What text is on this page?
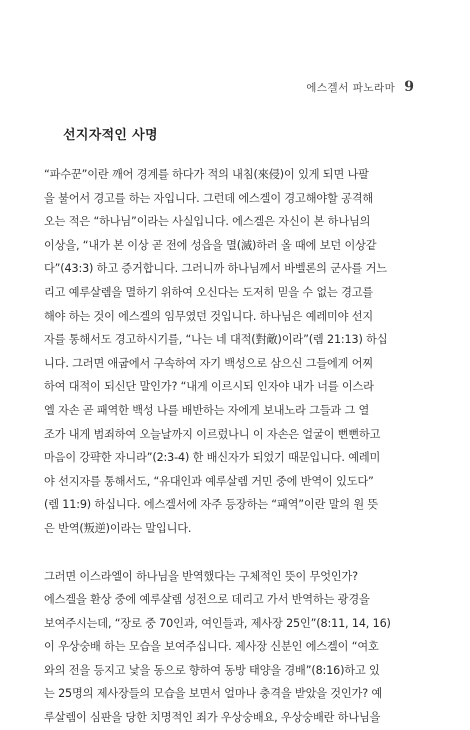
에스겔서 파노라마 9
선지자적인 사명
“파수꾼”이란 깨어 경계를 하다가 적의 내침(來侵)이 있게 되면 나팔
을 불어서 경고를 하는 자입니다. 그런데 에스겔이 경고해야할 공격해
오는 적은 “하나님”이라는 사실입니다. 에스겔은 자신이 본 하나님의
이상을, “내가 본 이상 곧 전에 성읍을 멸(滅)하러 올 때에 보던 이상같
다”(43:3) 하고 증거합니다. 그러니까 하나님께서 바벨론의 군사를 거느
리고 예루살렘을 멸하기 위하여 오신다는 도저히 믿을 수 없는 경고를
해야 하는 것이 에스겔의 임무였던 것입니다. 하나님은 예레미야 선지
자를 통해서도 경고하시기를, “나는 네 대적(對敵)이라”(렘 21:13) 하십
니다. 그러면 애굽에서 구속하여 자기 백성으로 삼으신 그들에게 어찌
하여 대적이 되신단 말인가? “내게 이르시되 인자야 내가 너를 이스라
엘 자손 곧 패역한 백성 나를 배반하는 자에게 보내노라 그들과 그 열
조가 내게 범죄하여 오늘날까지 이르렀나니 이 자손은 얼굴이 뻔뻔하고
마음이 강퍅한 자니라”(2:3-4) 한 배신자가 되었기 때문입니다. 예레미
야 선지자를 통해서도, “유대인과 예루살렘 거민 중에 반역이 있도다”
(렘 11:9) 하십니다. 에스겔서에 자주 등장하는 “패역”이란 말의 원 뜻
은 반역(叛逆)이라는 말입니다.
그러면 이스라엘이 하나님을 반역했다는 구체적인 뜻이 무엇인가?
에스겔을 환상 중에 예루살렘 성전으로 데리고 가서 반역하는 광경을
보여주시는데, “장로 중 70인과, 여인들과, 제사장 25인”(8:11, 14, 16)
이 우상숭배 하는 모습을 보여주십니다. 제사장 신분인 에스겔이 “여호
와의 전을 등지고 낯을 동으로 향하여 동방 태양을 경배”(8:16)하고 있
는 25명의 제사장들의 모습을 보면서 얼마나 충격을 받았을 것인가? 예
루살렘이 심판을 당한 치명적인 죄가 우상숭배요, 우상숭배란 하나님을
